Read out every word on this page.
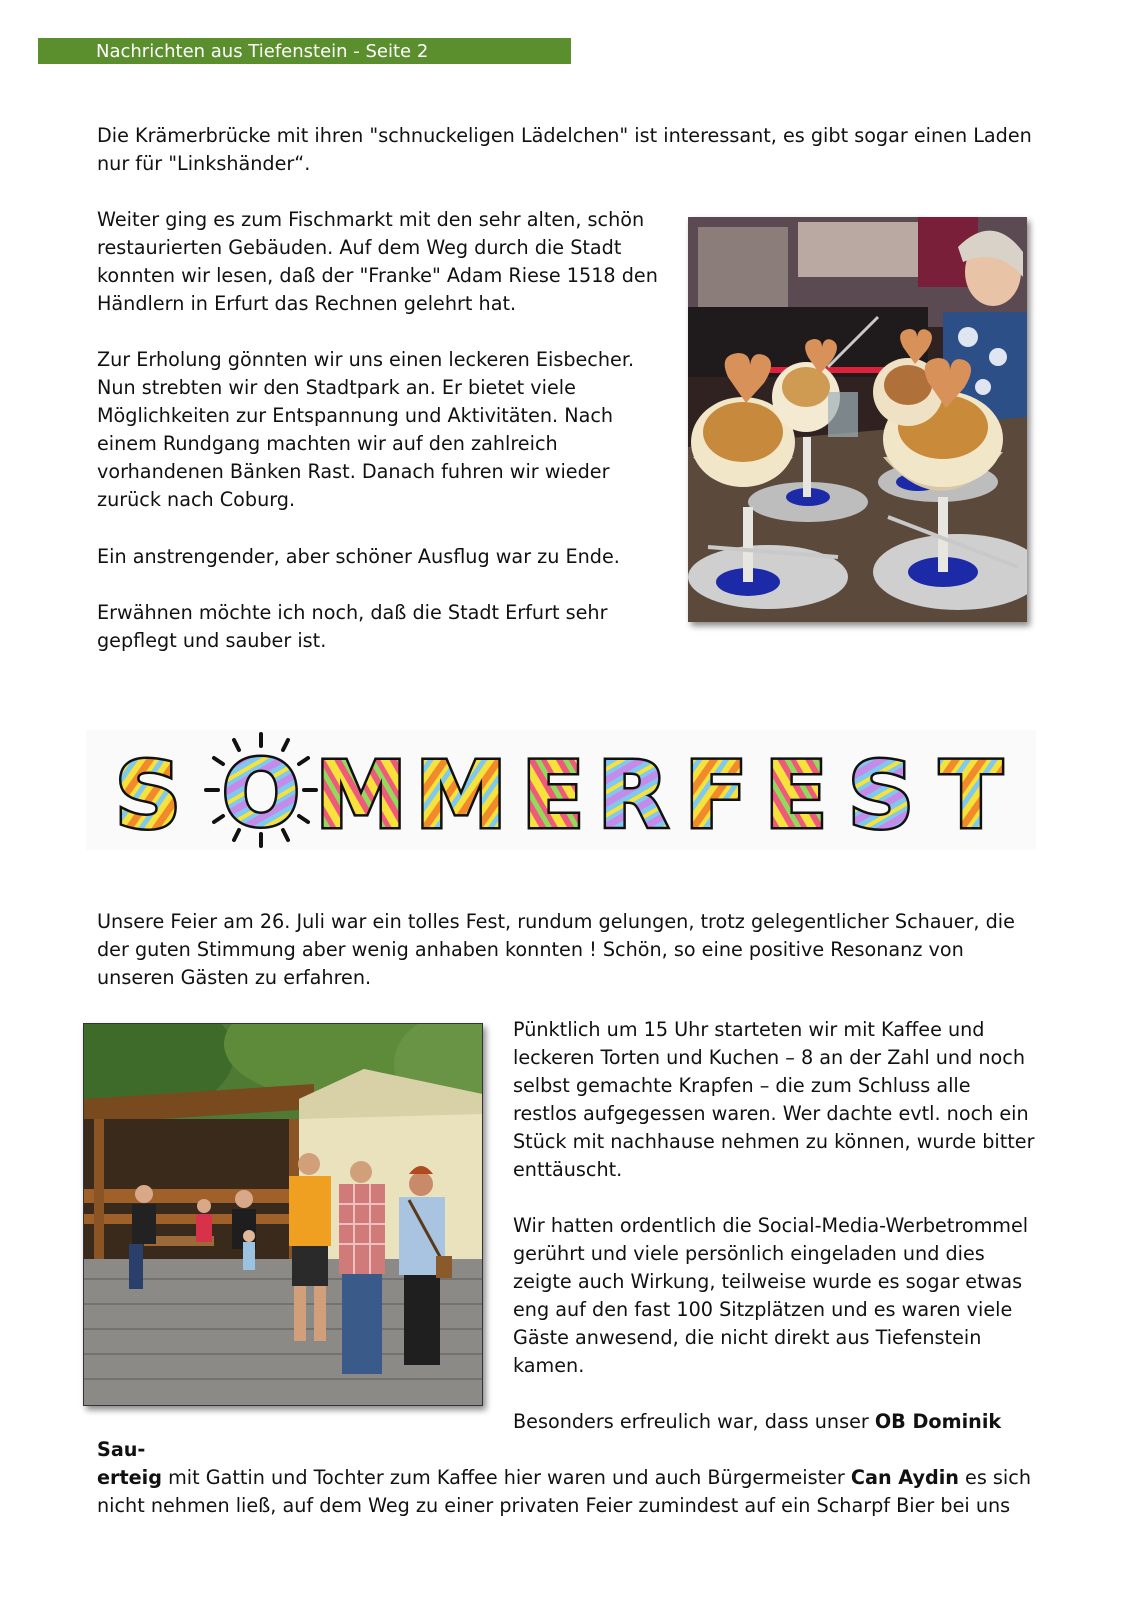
Nachrichten aus Tiefenstein - Seite 2

Die Krämerbrücke mit ihren "schnuckeligen Lädelchen" ist interessant, es gibt sogar einen Laden nur für "Linkshänder“.

Weiter ging es zum Fischmarkt mit den sehr alten, schön restaurierten Gebäuden. Auf dem Weg durch die Stadt konnten wir lesen, daß der "Franke" Adam Riese 1518 den Händlern in Erfurt das Rechnen gelehrt hat.

Zur Erholung gönnten wir uns einen leckeren Eisbecher. Nun strebten wir den Stadtpark an. Er bietet viele Möglichkeiten zur Entspannung und Aktivitäten. Nach einem Rundgang machten wir auf den zahlreich vorhandenen Bänken Rast. Danach fuhren wir wieder zurück nach Coburg.

Ein anstrengender, aber schöner Ausflug war zu Ende.

Erwähnen möchte ich noch, daß die Stadt Erfurt sehr gepflegt und sauber ist.

S O M M E R F E S T

Unsere Feier am 26. Juli war ein tolles Fest, rundum gelungen, trotz gelegentlicher Schauer, die der guten Stimmung aber wenig anhaben konnten ! Schön, so eine positive Resonanz von unseren Gästen zu erfahren.

Pünktlich um 15 Uhr starteten wir mit Kaffee und leckeren Torten und Kuchen – 8 an der Zahl und noch selbst gemachte Krapfen – die zum Schluss alle restlos aufgegessen waren. Wer dachte evtl. noch ein Stück mit nachhause nehmen zu können, wurde bitter enttäuscht.

Wir hatten ordentlich die Social-Media-Werbetrommel gerührt und viele persönlich eingeladen und dies zeigte auch Wirkung, teilweise wurde es sogar etwas eng auf den fast 100 Sitzplätzen und es waren viele Gäste anwesend, die nicht direkt aus Tiefenstein kamen.

Besonders erfreulich war, dass unser OB Dominik Sau-
erteig mit Gattin und Tochter zum Kaffee hier waren und auch Bürgermeister Can Aydin es sich nicht nehmen ließ, auf dem Weg zu einer privaten Feier zumindest auf ein Scharpf Bier bei uns
